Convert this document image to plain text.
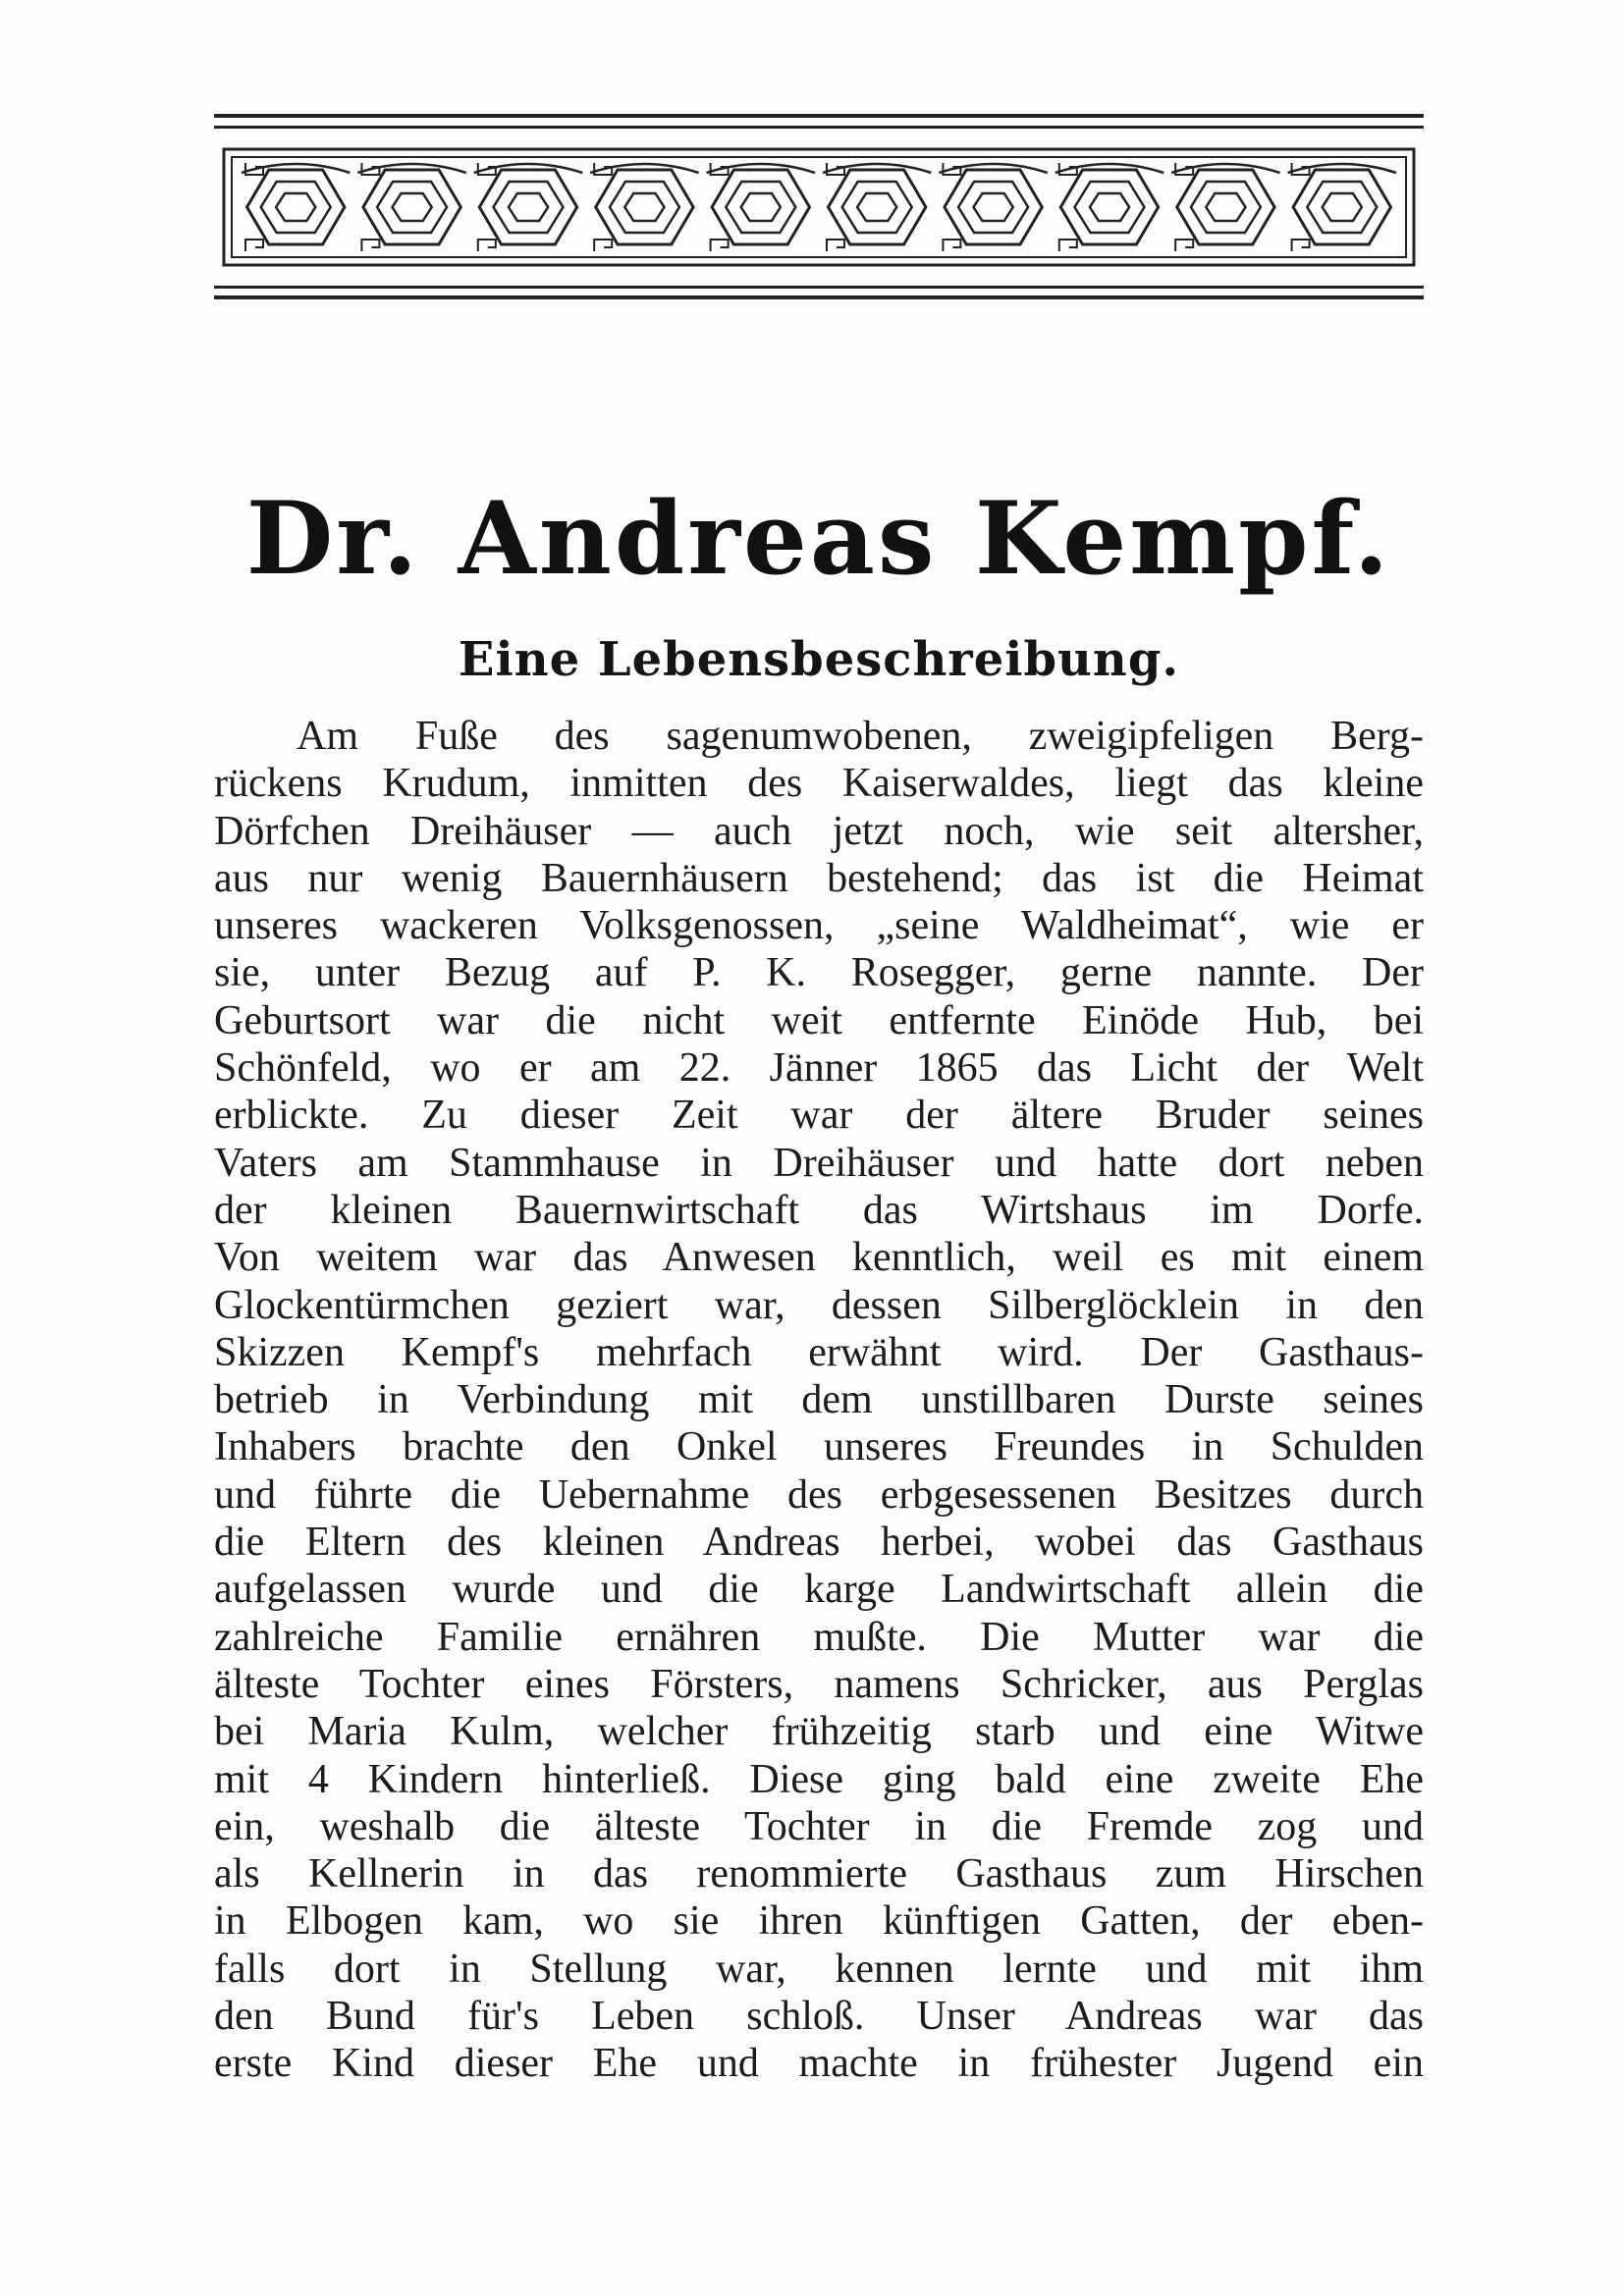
Dr. Andreas Kempf.
Eine Lebensbeschreibung.
Am Fuße des sagenumwobenen, zweigipfeligen Berg-
rückens Krudum, inmitten des Kaiserwaldes, liegt das kleine
Dörfchen Dreihäuser — auch jetzt noch, wie seit altersher,
aus nur wenig Bauernhäusern bestehend; das ist die Heimat
unseres wackeren Volksgenossen, „seine Waldheimat“, wie er
sie, unter Bezug auf P. K. Rosegger, gerne nannte. Der
Geburtsort war die nicht weit entfernte Einöde Hub, bei
Schönfeld, wo er am 22. Jänner 1865 das Licht der Welt
erblickte. Zu dieser Zeit war der ältere Bruder seines
Vaters am Stammhause in Dreihäuser und hatte dort neben
der kleinen Bauernwirtschaft das Wirtshaus im Dorfe.
Von weitem war das Anwesen kenntlich, weil es mit einem
Glockentürmchen geziert war, dessen Silberglöcklein in den
Skizzen Kempf's mehrfach erwähnt wird. Der Gasthaus-
betrieb in Verbindung mit dem unstillbaren Durste seines
Inhabers brachte den Onkel unseres Freundes in Schulden
und führte die Uebernahme des erbgesessenen Besitzes durch
die Eltern des kleinen Andreas herbei, wobei das Gasthaus
aufgelassen wurde und die karge Landwirtschaft allein die
zahlreiche Familie ernähren mußte. Die Mutter war die
älteste Tochter eines Försters, namens Schricker, aus Perglas
bei Maria Kulm, welcher frühzeitig starb und eine Witwe
mit 4 Kindern hinterließ. Diese ging bald eine zweite Ehe
ein, weshalb die älteste Tochter in die Fremde zog und
als Kellnerin in das renommierte Gasthaus zum Hirschen
in Elbogen kam, wo sie ihren künftigen Gatten, der eben-
falls dort in Stellung war, kennen lernte und mit ihm
den Bund für's Leben schloß. Unser Andreas war das
erste Kind dieser Ehe und machte in frühester Jugend ein
